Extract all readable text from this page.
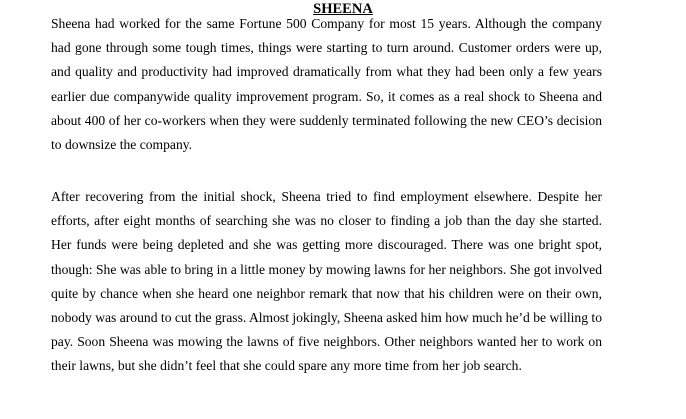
SHEENA

Sheena had worked for the same Fortune 500 Company for most 15 years. Although the company had gone through some tough times, things were starting to turn around. Customer orders were up, and quality and productivity had improved dramatically from what they had been only a few years earlier due companywide quality improvement program. So, it comes as a real shock to Sheena and about 400 of her co-workers when they were suddenly terminated following the new CEO’s decision to downsize the company.

After recovering from the initial shock, Sheena tried to find employment elsewhere. Despite her efforts, after eight months of searching she was no closer to finding a job than the day she started. Her funds were being depleted and she was getting more discouraged. There was one bright spot, though: She was able to bring in a little money by mowing lawns for her neighbors. She got involved quite by chance when she heard one neighbor remark that now that his children were on their own, nobody was around to cut the grass. Almost jokingly, Sheena asked him how much he’d be willing to pay. Soon Sheena was mowing the lawns of five neighbors. Other neighbors wanted her to work on their lawns, but she didn’t feel that she could spare any more time from her job search.
